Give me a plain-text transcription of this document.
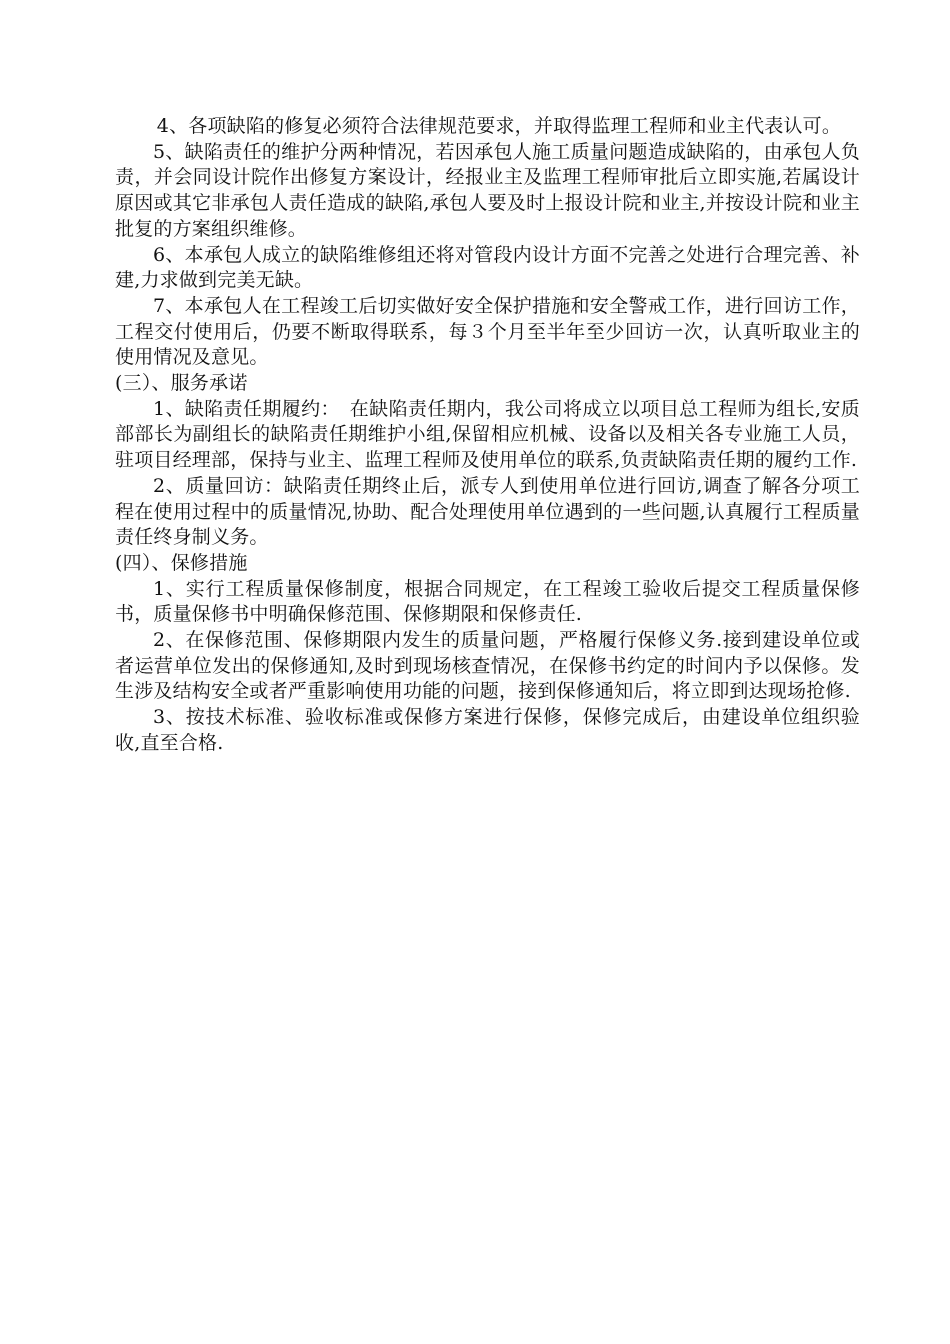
4、各项缺陷的修复必须符合法律规范要求，并取得监理工程师和业主代表认可。

5、缺陷责任的维护分两种情况，若因承包人施工质量问题造成缺陷的，由承包人负责，并会同设计院作出修复方案设计，经报业主及监理工程师审批后立即实施,若属设计原因或其它非承包人责任造成的缺陷,承包人要及时上报设计院和业主,并按设计院和业主批复的方案组织维修。

6、本承包人成立的缺陷维修组还将对管段内设计方面不完善之处进行合理完善、补建,力求做到完美无缺。

7、本承包人在工程竣工后切实做好安全保护措施和安全警戒工作，进行回访工作，工程交付使用后，仍要不断取得联系，每３个月至半年至少回访一次，认真听取业主的使用情况及意见。

(三）、服务承诺

1、缺陷责任期履约：　在缺陷责任期内，我公司将成立以项目总工程师为组长,安质部部长为副组长的缺陷责任期维护小组,保留相应机械、设备以及相关各专业施工人员，驻项目经理部，保持与业主、监理工程师及使用单位的联系,负责缺陷责任期的履约工作.

2、质量回访：缺陷责任期终止后，派专人到使用单位进行回访,调查了解各分项工程在使用过程中的质量情况,协助、配合处理使用单位遇到的一些问题,认真履行工程质量责任终身制义务。

(四）、保修措施

1、实行工程质量保修制度，根据合同规定，在工程竣工验收后提交工程质量保修书，质量保修书中明确保修范围、保修期限和保修责任.

2、在保修范围、保修期限内发生的质量问题，严格履行保修义务.接到建设单位或者运营单位发出的保修通知,及时到现场核查情况，在保修书约定的时间内予以保修。发生涉及结构安全或者严重影响使用功能的问题，接到保修通知后，将立即到达现场抢修.

3、按技术标准、验收标准或保修方案进行保修，保修完成后，由建设单位组织验收,直至合格.
